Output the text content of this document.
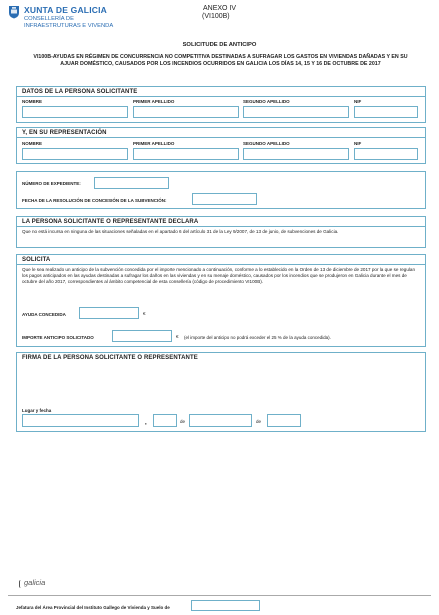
XUNTA DE GALICIA
CONSELLERÍA DE
INFRAESTRUTURAS E VIVENDA
ANEXO IV
(VI100B)
SOLICITUDE DE ANTICIPO
VI100B-AYUDAS EN RÉGIMEN DE CONCURRENCIA NO COMPETITIVA DESTINADAS A SUFRAGAR LOS GASTOS EN VIVIENDAS DAÑADAS Y EN SU AJUAR DOMÉSTICO, CAUSADOS POR LOS INCENDIOS OCURRIDOS EN GALICIA LOS DÍAS 14, 15 Y 16 DE OCTUBRE DE 2017
DATOS DE LA PERSONA SOLICITANTE
NOMBRE	PRIMER APELLIDO	SEGUNDO APELLIDO	NIF
Y, EN SU REPRESENTACIÓN
NOMBRE	PRIMER APELLIDO	SEGUNDO APELLIDO	NIF
NÚMERO DE EXPEDIENTE:
FECHA DE LA RESOLUCIÓN DE CONCESIÓN DE LA SUBVENCIÓN:
LA PERSONA SOLICITANTE O REPRESENTANTE DECLARA
Que no está incursa en ninguna de las situaciones señaladas en el apartado 6 del artículo 31 de la Ley 9/2007, de 13 de junio, de subvenciones de Galicia.
SOLICITA
Que le sea realizado un anticipo de la subvención concedida por el importe mencionado a continuación, conforme a lo establecido en la Orden de 13 de diciembre de 2017 por la que se regulan los pagos anticipados en las ayudas destinadas a sufragar los daños en las viviendas y en su menaje doméstico, causados por los incendios que se produjeron en Galicia durante el mes de octubre del año 2017, correspondientes al ámbito competencial de esta consellería (código de procedimiento VI100B).
AYUDA CONCEDIDA	€
IMPORTE ANTICIPO SOLICITADO	€ (el importe del anticipo no podrá exceder el 25 % de la ayuda concedida).
FIRMA DE LA PERSONA SOLICITANTE O REPRESENTANTE
Lugar y fecha
,	de	de
galicia
Jefatura del Área Provincial del Instituto Gallego de Vivienda y Suelo de
